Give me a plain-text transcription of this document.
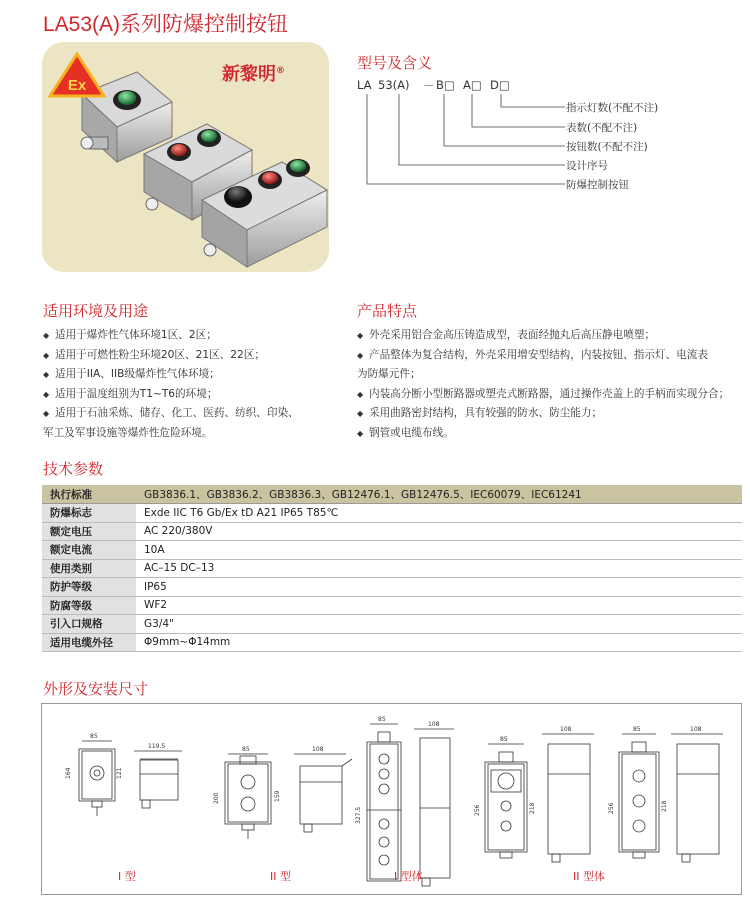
LA53(A)系列防爆控制按钮
Ex
新黎明®	型号及含义
LA 53(A) － B□ A□ D□
指示灯数(不配不注)
表数(不配不注)
按钮数(不配不注)
设计序号
防爆控制按钮
适用环境及用途
◆ 适用于爆炸性气体环境1区、2区；
◆ 适用于可燃性粉尘环境20区、21区、22区；
◆ 适用于IIA、IIB级爆炸性气体环境；
◆ 适用于温度组别为T1~T6的环境；
◆ 适用于石油采炼、储存、化工、医药、纺织、印染、
军工及军事设施等爆炸性危险环境。
产品特点
◆ 外壳采用铝合金高压铸造成型，表面经抛丸后高压静电喷塑；
◆ 产品整体为复合结构，外壳采用增安型结构，内装按钮、指示灯、电流表
为防爆元件；
◆ 内装高分断小型断路器或塑壳式断路器，通过操作壳盖上的手柄而实现分合；
◆ 采用曲路密封结构，具有较强的防水、防尘能力；
◆ 钢管或电缆布线。
技术参数
执行标准	GB3836.1、GB3836.2、GB3836.3、GB12476.1、GB12476.5、IEC60079、IEC61241
防爆标志	Exde IIC T6 Gb/Ex tD A21 IP65 T85℃
额定电压	AC 220/380V
额定电流	10A
使用类别	AC–15 DC–13
防护等级	IP65
防腐等级	WF2
引入口规格	G3/4"
适用电缆外径	Φ9mm~Φ14mm
外形及安装尺寸
85
119.5
164	121
85	108
200	159
85
108
327.5
85
108
256	218
85	108
256	218
I 型	II 型	I 型体	II 型体
